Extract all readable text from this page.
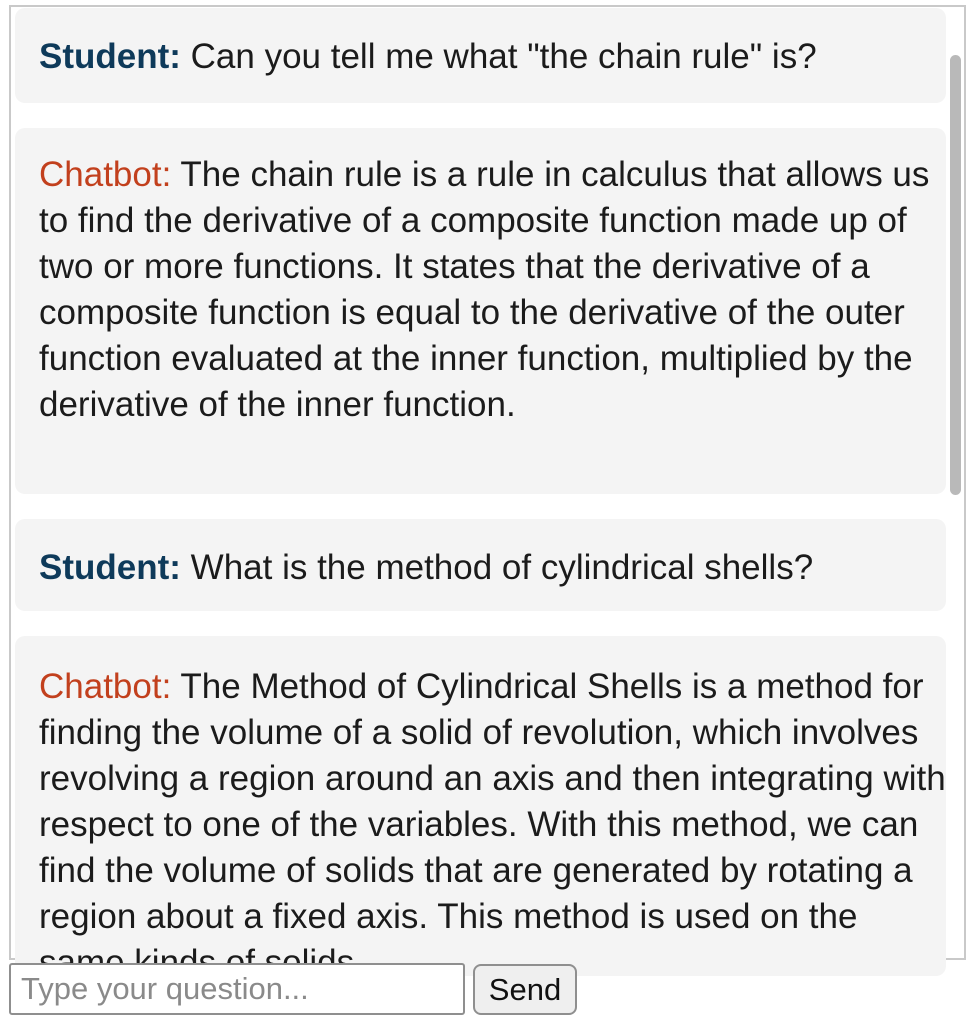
Student: Can you tell me what "the chain rule" is?
Chatbot: The chain rule is a rule in calculus that allows us to find the derivative of a composite function made up of two or more functions. It states that the derivative of a composite function is equal to the derivative of the outer function evaluated at the inner function, multiplied by the derivative of the inner function.
Student: What is the method of cylindrical shells?
Chatbot: The Method of Cylindrical Shells is a method for finding the volume of a solid of revolution, which involves revolving a region around an axis and then integrating with respect to one of the variables. With this method, we can find the volume of solids that are generated by rotating a region about a fixed axis. This method is used on the
Type your question...
Send
